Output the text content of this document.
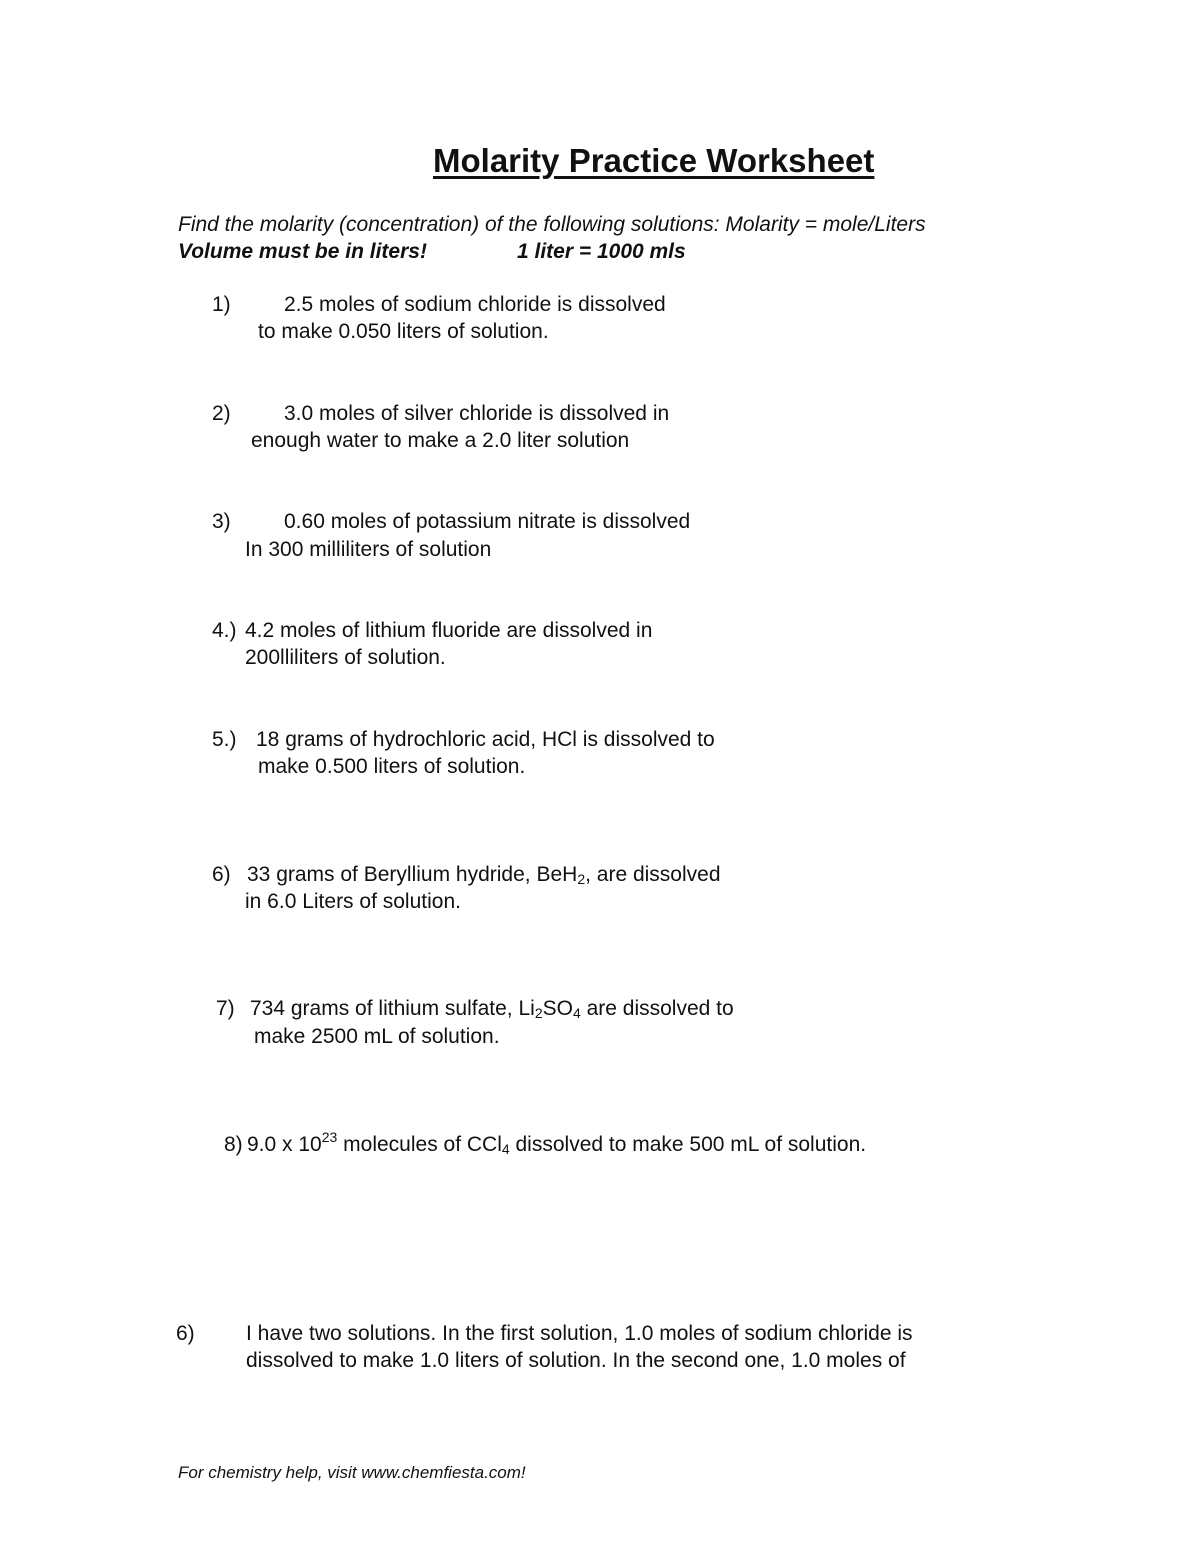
Molarity Practice Worksheet
Find the molarity (concentration) of the following solutions: Molarity = mole/Liters
Volume must be in liters!	1 liter = 1000 mls
1)	2.5 moles of sodium chloride is dissolved
to make 0.050 liters of solution.
2)	3.0 moles of silver chloride is dissolved in
enough water to make a 2.0 liter solution
3)	0.60 moles of potassium nitrate is dissolved
In 300 milliliters of solution
4.) 4.2 moles of lithium fluoride are dissolved in
200lliliters of solution.
5.) 18 grams of hydrochloric acid, HCl is dissolved to
make 0.500 liters of solution.
6) 33 grams of Beryllium hydride, BeH$_2$, are dissolved
in 6.0 Liters of solution.
7) 734 grams of lithium sulfate, $Li_2SO_4$ are dissolved to
make 2500 mL of solution.
8) 9.0 x $10^{23}$ molecules of CCl$_4$ dissolved to make 500 mL of solution.
6) I have two solutions. In the first solution, 1.0 moles of sodium chloride is
dissolved to make 1.0 liters of solution. In the second one, 1.0 moles of
For chemistry help, visit www.chemfiesta.com!
